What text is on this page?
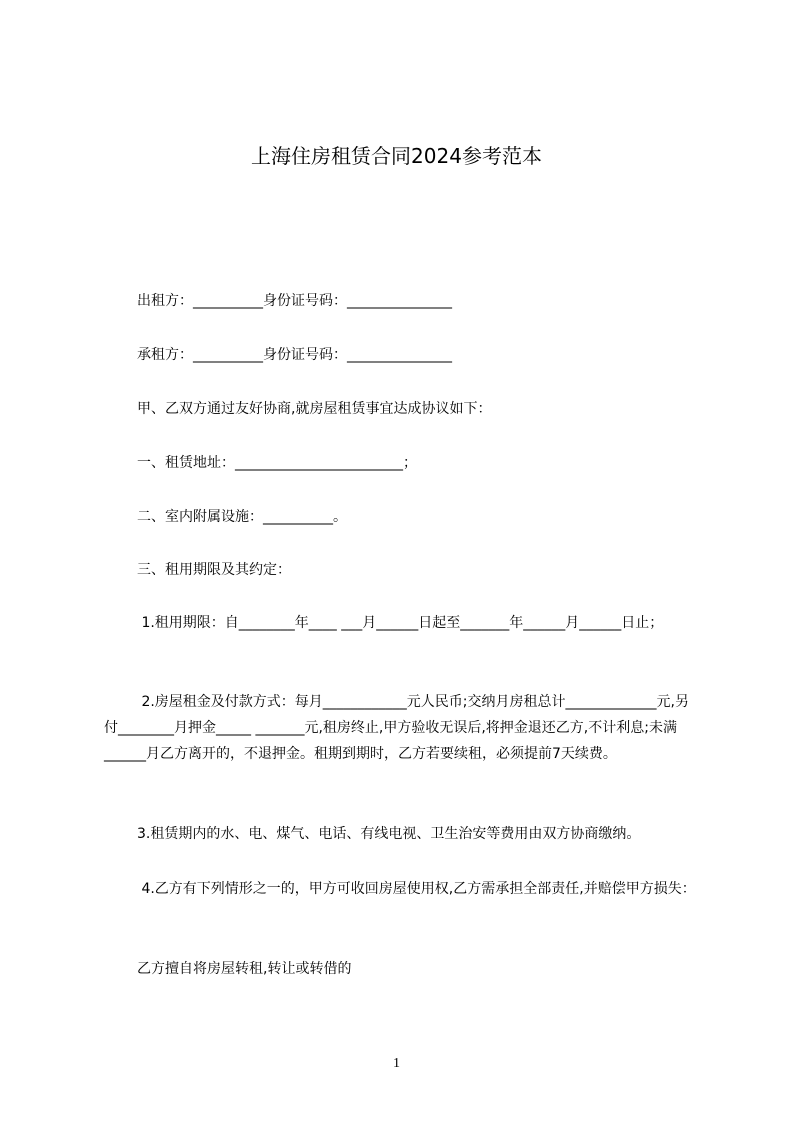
上海住房租赁合同2024参考范本
出租方：__________身份证号码：_______________
承租方：__________身份证号码：_______________
甲、乙双方通过友好协商,就房屋租赁事宜达成协议如下：
一、租赁地址：________________________；
二、室内附属设施：__________。
三、租用期限及其约定：
1.租用期限：自________年____ ___月______日起至_______年______月______日止；
2.房屋租金及付款方式：每月____________元人民币;交纳月房租总计_____________元,另付________月押金_____ _______元,租房终止,甲方验收无误后,将押金退还乙方,不计利息;未满______月乙方离开的，不退押金。租期到期时，乙方若要续租，必须提前7天续费。
3.租赁期内的水、电、煤气、电话、有线电视、卫生治安等费用由双方协商缴纳。
4.乙方有下列情形之一的，甲方可收回房屋使用权,乙方需承担全部责任,并赔偿甲方损失：
乙方擅自将房屋转租,转让或转借的
1
